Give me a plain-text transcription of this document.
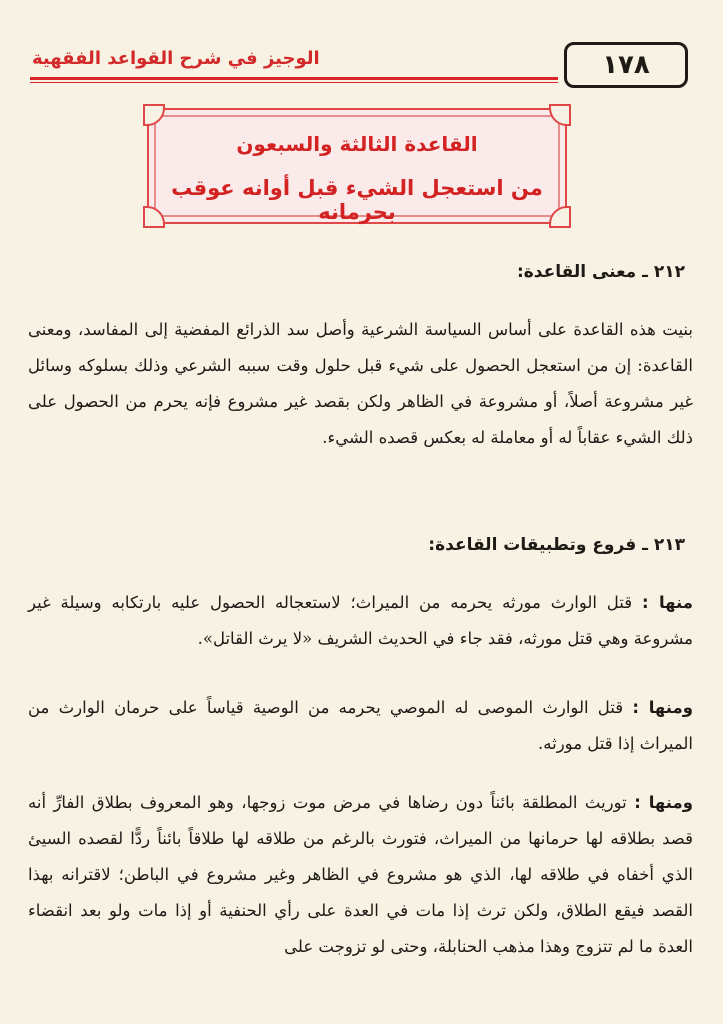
الوجيز في شرح القواعد الفقهية	١٧٨
القاعدة الثالثة والسبعون
من استعجل الشيء قبل أوانه عوقب بحرمانه
٢١٢ ـ معنى القاعدة:
بنيت هذه القاعدة على أساس السياسة الشرعية وأصل سد الذرائع المفضية إلى المفاسد، ومعنى القاعدة: إن من استعجل الحصول على شيء قبل حلول وقت سببه الشرعي وذلك بسلوكه وسائل غير مشروعة أصلاً، أو مشروعة في الظاهر ولكن بقصد غير مشروع فإنه يحرم من الحصول على ذلك الشيء عقاباً له أو معاملة له بعكس قصده الشيء.
٢١٣ ـ فروع وتطبيقات القاعدة:
منها : قتل الوارث مورثه يحرمه من الميراث؛ لاستعجاله الحصول عليه بارتكابه وسيلة غير مشروعة وهي قتل مورثه، فقد جاء في الحديث الشريف «لا يرث القاتل».
ومنها : قتل الوارث الموصى له الموصي يحرمه من الوصية قياساً على حرمان الوارث من الميراث إذا قتل مورثه.
ومنها : توريث المطلقة بائناً دون رضاها في مرض موت زوجها، وهو المعروف بطلاق الفارِّ أنه قصد بطلاقه لها حرمانها من الميراث، فتورث بالرغم من طلاقه لها طلاقاً بائناً ردًّا لقصده السيئ الذي أخفاه في طلاقه لها، الذي هو مشروع في الظاهر وغير مشروع في الباطن؛ لاقترانه بهذا القصد فيقع الطلاق، ولكن ترث إذا مات في العدة على رأي الحنفية أو إذا مات ولو بعد انقضاء العدة ما لم تتزوج وهذا مذهب الحنابلة، وحتى لو تزوجت على
